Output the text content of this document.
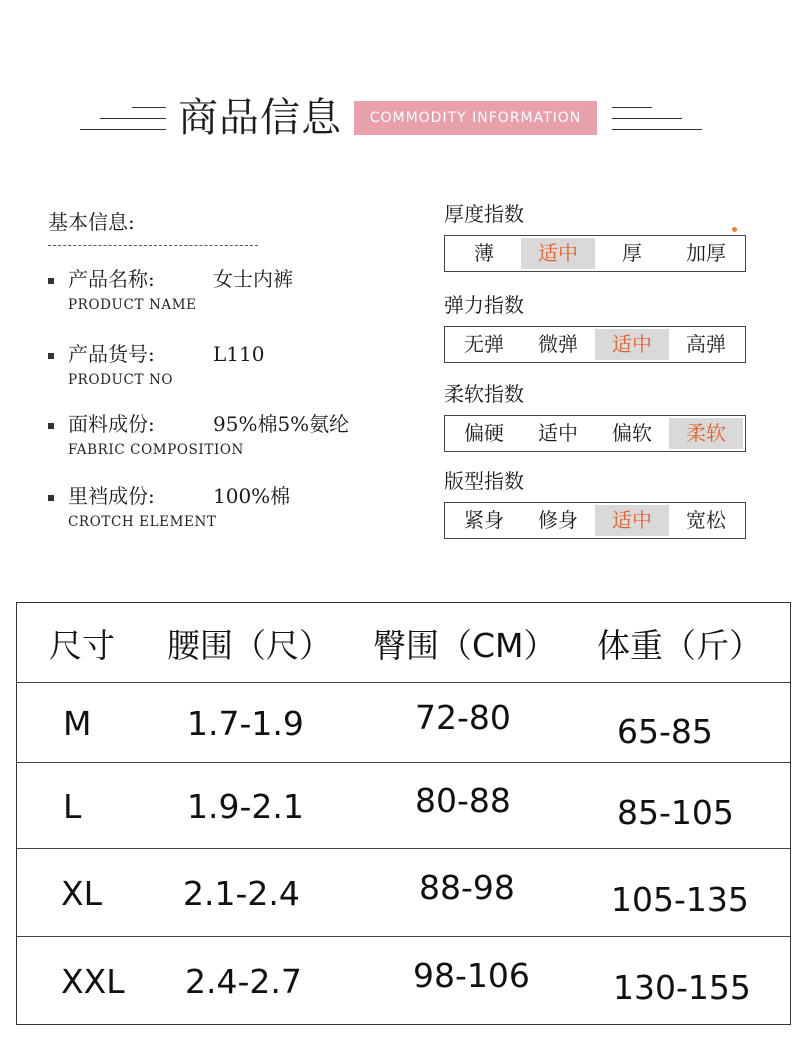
商品信息	COMMODITY INFORMATION
基本信息:
产品名称:	女士内裤
PRODUCT NAME
产品货号:	L110
PRODUCT NO
面料成份:	95%棉5%氨纶
FABRIC COMPOSITION
里裆成份:	100%棉
CROTCH ELEMENT
厚度指数
薄	适中	厚	加厚
弹力指数
无弹	微弹	适中	高弹
柔软指数
偏硬	适中	偏软	柔软
版型指数
紧身	修身	适中	宽松
尺寸	腰围（尺）	臀围（CM）	体重（斤）
M	1.7-1.9	72-80	65-85
L	1.9-2.1	80-88	85-105
XL	2.1-2.4	88-98	105-135
XXL	2.4-2.7	98-106	130-155
